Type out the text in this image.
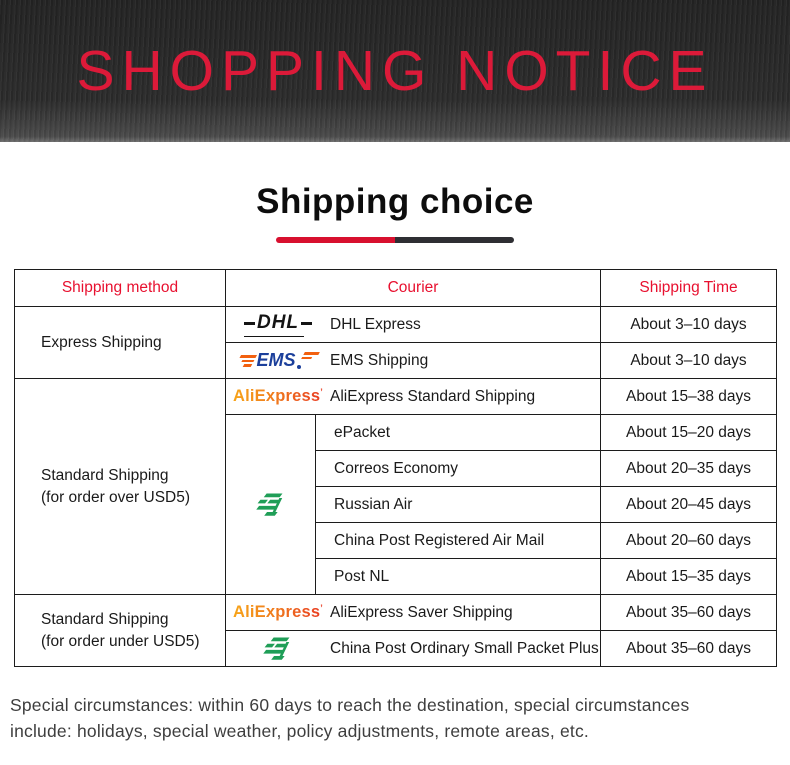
SHOPPING NOTICE
Shipping choice
Shipping method	Courier		Shipping Time
Express Shipping	DHL DHL Express		About 3–10 days

	EMS EMS Shipping		About 3–10 days

Standard Shipping
(for order over USD5)

AliExpress’ AliExpress Standard Shipping	About 15–38 days
	ePacket	About 15–20 days
		Correos Economy	About 20–35 days
		Russian Air	About 20–45 days
		China Post Registered Air Mail	About 20–60 days
		Post NL	About 15–35 days

Standard Shipping
(for order under USD5)

AliExpress’ AliExpress Saver Shipping	About 35–60 days

	China Post Ordinary Small Packet Plus		About 35–60 days
Special circumstances: within 60 days to reach the destination, special circumstances
include: holidays, special weather, policy adjustments, remote areas, etc.
